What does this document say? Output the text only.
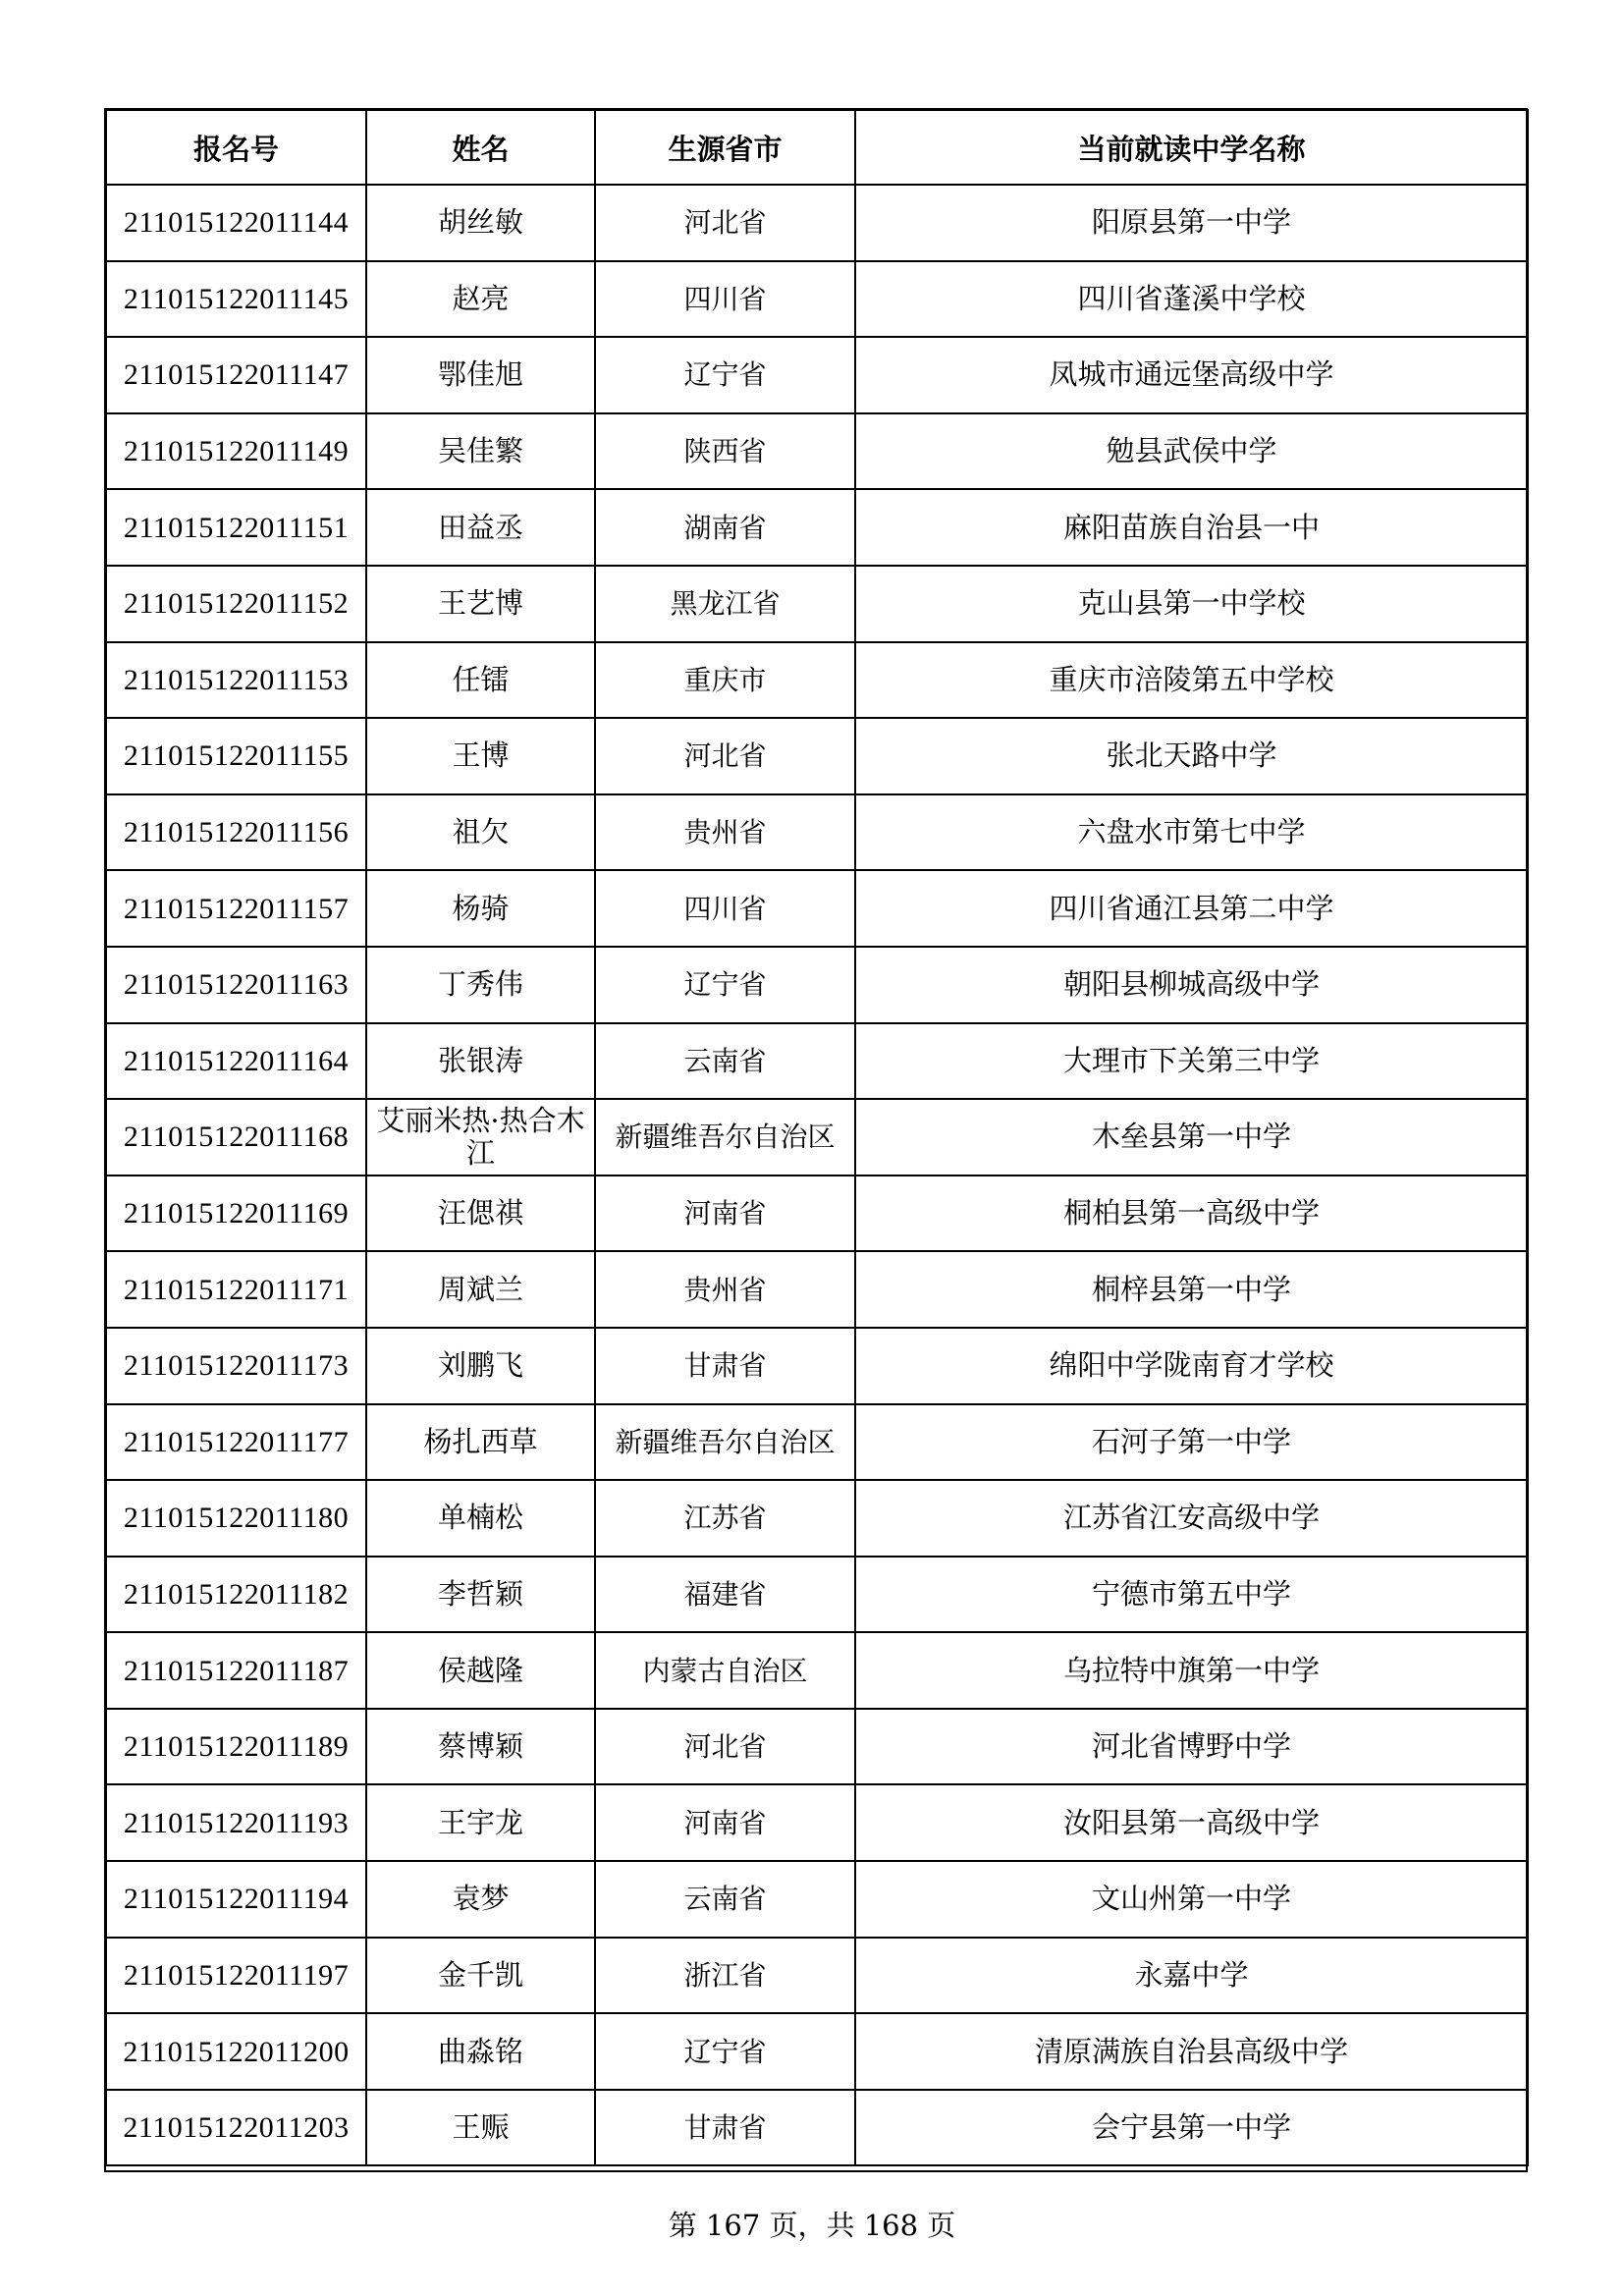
报名号	姓名	生源省市	当前就读中学名称
211015122011144	胡丝敏	河北省	阳原县第一中学
211015122011145	赵亮	四川省	四川省蓬溪中学校
211015122011147	鄂佳旭	辽宁省	凤城市通远堡高级中学
211015122011149	吴佳繁	陕西省	勉县武侯中学
211015122011151	田益丞	湖南省	麻阳苗族自治县一中
211015122011152	王艺博	黑龙江省	克山县第一中学校
211015122011153	任镭	重庆市	重庆市涪陵第五中学校
211015122011155	王博	河北省	张北天路中学
211015122011156	祖欠	贵州省	六盘水市第七中学
211015122011157	杨骑	四川省	四川省通江县第二中学
211015122011163	丁秀伟	辽宁省	朝阳县柳城高级中学
211015122011164	张银涛	云南省	大理市下关第三中学
211015122011168	艾丽米热·热合木江	新疆维吾尔自治区	木垒县第一中学
211015122011169	汪偲祺	河南省	桐柏县第一高级中学
211015122011171	周斌兰	贵州省	桐梓县第一中学
211015122011173	刘鹏飞	甘肃省	绵阳中学陇南育才学校
211015122011177	杨扎西草	新疆维吾尔自治区	石河子第一中学
211015122011180	单楠松	江苏省	江苏省江安高级中学
211015122011182	李哲颖	福建省	宁德市第五中学
211015122011187	侯越隆	内蒙古自治区	乌拉特中旗第一中学
211015122011189	蔡博颖	河北省	河北省博野中学
211015122011193	王宇龙	河南省	汝阳县第一高级中学
211015122011194	袁梦	云南省	文山州第一中学
211015122011197	金千凯	浙江省	永嘉中学
211015122011200	曲淼铭	辽宁省	清原满族自治县高级中学
211015122011203	王赈	甘肃省	会宁县第一中学
第 167 页，共 168 页
